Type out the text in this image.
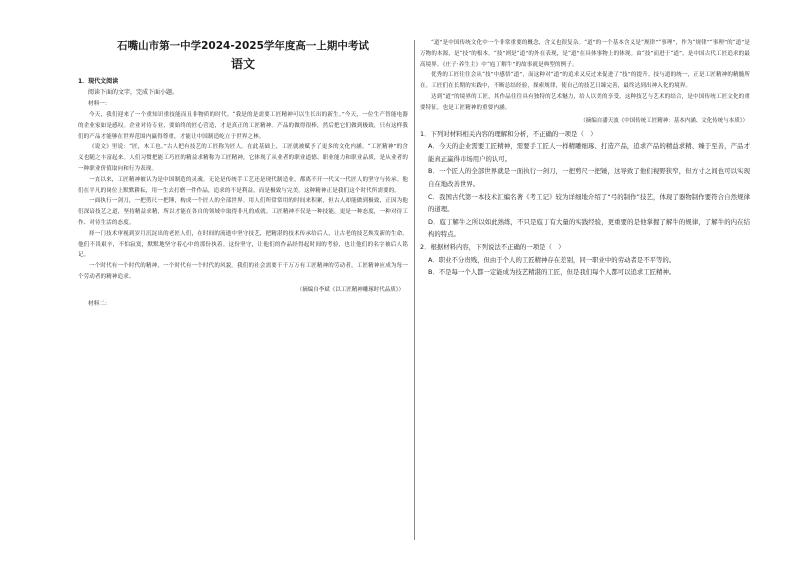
石嘴山市第一中学2024-2025学年度高一上期中考试
语文
1．现代文阅读
阅读下面的文字，完成下面小题。
材料一：

今天，我们迎来了一个重知识重技能而且非物质的时代。“我是的是需要工匠精神可以生长出的新生。”今天，一位生产智能电器的企业家如是感叹。企业对待专业，要始终的匠心营造，才是真正的工匠精神。产品的做得很棒，然后把它们做到极致，只有这样我们的产品才能够在世界范围内赢得尊重，才能让中国制造屹立于世界之林。

《说文》里说：“匠，木工也。”古人把有技艺的工匠称为匠人。在此基础上，工匠就被赋予了更多的文化内涵。“工匠精神”的含义也随之丰富起来。人们习惯把能工巧匠的精益求精称为工匠精神，它体现了从业者的职业道德、职业能力和职业品质，是从业者的一种职业价值取向和行为表现。

一直以来，工匠精神被认为是中国制造的灵魂。无论是传统手工艺还是现代制造业，都离不开一代又一代匠人的坚守与传承。他们在平凡的岗位上默默耕耘，用一生去打磨一件作品，追求的不是利益，而是极致与完美。这种精神正是我们这个时代所需要的。

一面执行一剑刀，一把剪尺一把锤，构成一个匠人的全部世界。用人们所常常用的时间来积累，但古人却能做到极致，正因为他们深谙技艺之道，坚持精益求精，所以才能在各自的领域中取得非凡的成就。工匠精神不仅是一种技能，更是一种态度，一种对待工作、对待生活的态度。

择一门技术审视到岁月沉淀出的老匠人们，在时间的流逝中坚守技艺，把精湛的技术传承给后人，让古老的技艺焕发新的生命。他们不畏艰辛，不怕寂寞，默默地坚守着心中的那份执着。这份坚守，让他们的作品经得起时间的考验，也让他们的名字被后人铭记。

一个时代有一个时代的精神，一个时代有一个时代的风貌。我们的社会需要千千万万有工匠精神的劳动者，工匠精神应成为每一个劳动者的精神追求。

（摘编自李斌《以工匠精神雕琢时代品质》）
材料二：

“道”是中国传统文化中一个非常重要的概念，含义也很复杂。“道”的一个基本含义是“规律”“事理”，作为“规律”“事理”的“道”是万物的本源，是“技”的根本。“技”则是“道”的外在表现，是“道”在具体事物上的体现。由“技”而进于“道”，是中国古代工匠追求的最高境界。《庄子·养生主》中“庖丁解牛”的故事就是典型的例子。

优秀的工匠往往会从“技”中感悟“道”，而这种对“道”的追求又反过来促进了“技”的提升。技与道的统一，正是工匠精神的精髓所在。工匠们在长期的实践中，不断总结经验，探索规律，使自己的技艺日臻完善，最终达到出神入化的境界。

达到“道”的境界的工匠，其作品往往具有独特的艺术魅力，给人以美的享受。这种技艺与艺术的结合，是中国传统工匠文化的重要特征，也是工匠精神的重要内涵。

（摘编自潘天波《中国传统工匠精神：基本内涵、文化传统与本质》）
1．下列对材料相关内容的理解和分析，不正确的一项是（　）
A．今天的企业需要工匠精神，需要手工匠人一样精雕细琢、打造产品，追求产品的精益求精、臻于至善，产品才能真正赢得市场用户的认可。
B．一个匠人的全部世界就是一面执行一剑刀，一把剪尺一把锤，这导致了他们视野狭窄，但方寸之间也可以实现自在地改善世界。
C．我国古代第一本技术汇编名著《考工记》较为详细地介绍了“弓的制作”技艺，体现了器物制作要符合自然规律的道理。
D．庖丁解牛之所以如此熟练，不只是庖丁有大量的实践经验，更重要的是他掌握了解牛的规律，了解牛的内在结构的特点。
2．根据材料内容，下列说法不正确的一项是（　）
A．职业不分贵贱，但由于个人的工匠精神存在差别，同一职业中的劳动者是不平等的。
B．不是每一个人都一定能成为技艺精湛的工匠，但是我们每个人都可以追求工匠精神。
